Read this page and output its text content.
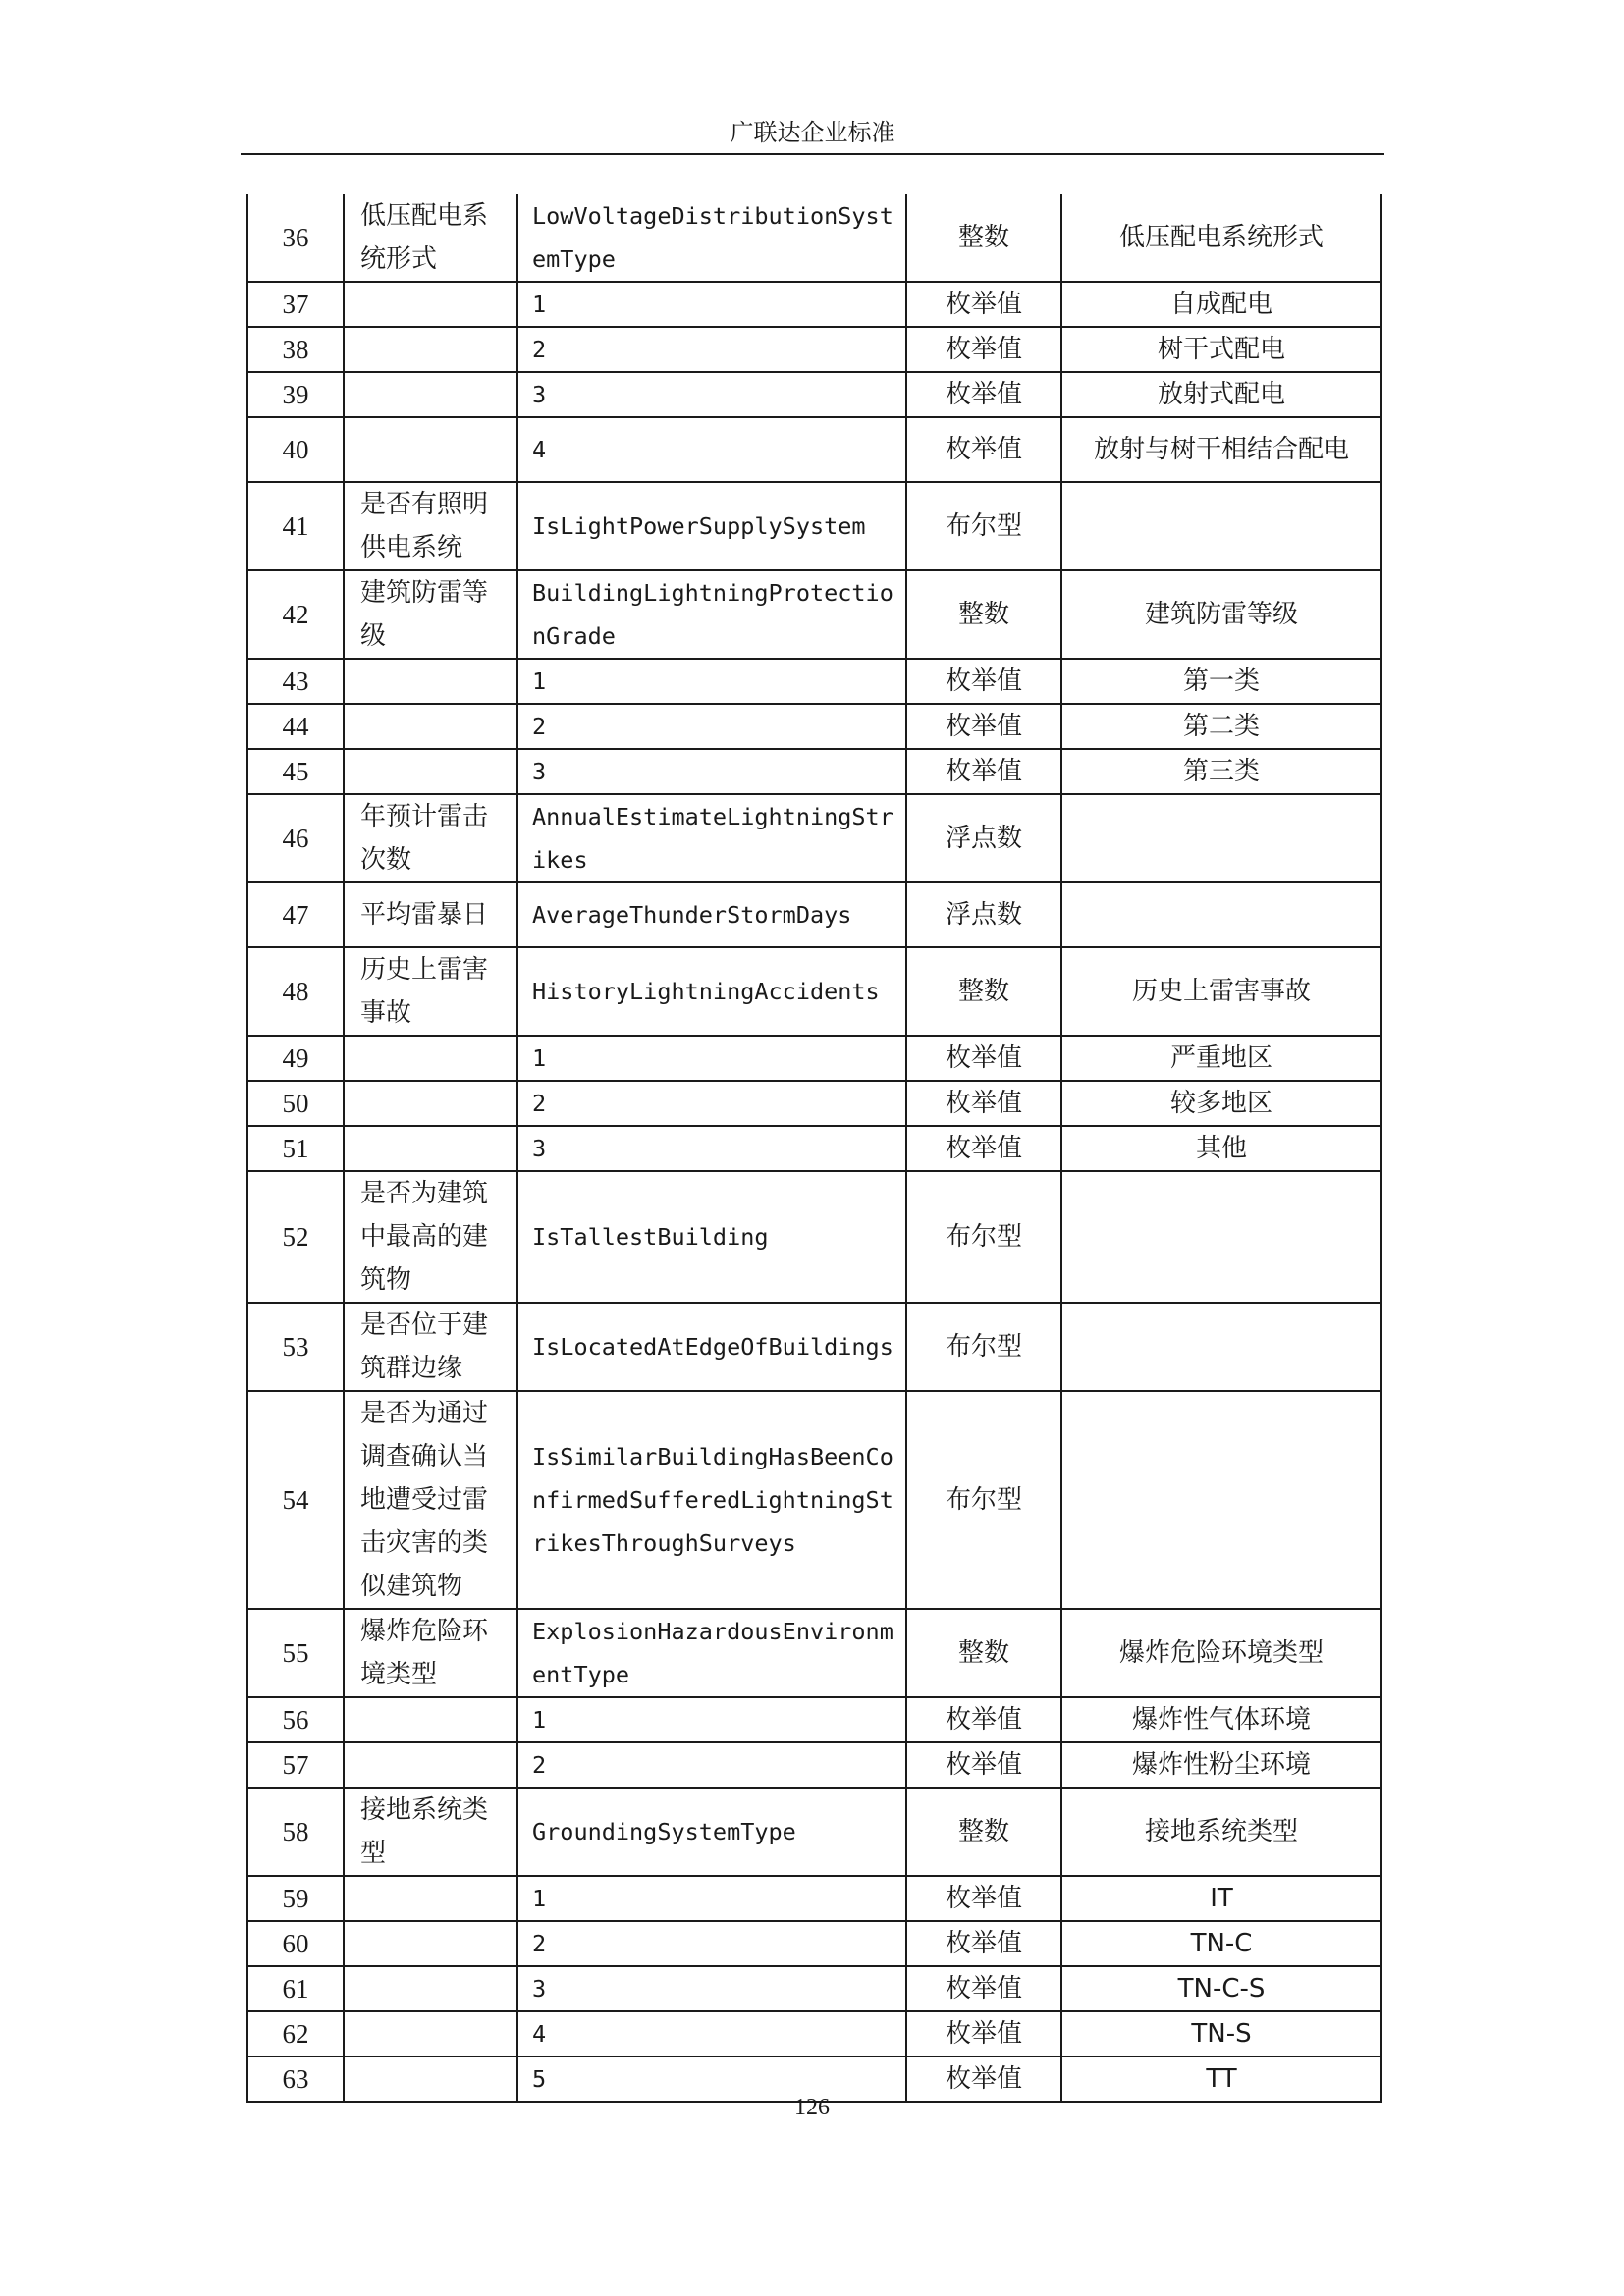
广联达企业标准
36	低压配电系统形式	LowVoltageDistributionSystemType	整数	低压配电系统形式
37		1	枚举值	自成配电
38		2	枚举值	树干式配电
39		3	枚举值	放射式配电
40		4	枚举值	放射与树干相结合配电
41	是否有照明供电系统	IsLightPowerSupplySystem	布尔型	
42	建筑防雷等级	BuildingLightningProtectionGrade	整数	建筑防雷等级
43		1	枚举值	第一类
44		2	枚举值	第二类
45		3	枚举值	第三类
46	年预计雷击次数	AnnualEstimateLightningStrikes	浮点数	
47	平均雷暴日	AverageThunderStormDays	浮点数	
48	历史上雷害事故	HistoryLightningAccidents	整数	历史上雷害事故
49		1	枚举值	严重地区
50		2	枚举值	较多地区
51		3	枚举值	其他
52	是否为建筑中最高的建筑物	IsTallestBuilding	布尔型	
53	是否位于建筑群边缘	IsLocatedAtEdgeOfBuildings	布尔型	
54	是否为通过调查确认当地遭受过雷击灾害的类似建筑物	IsSimilarBuildingHasBeenConfirmedSufferedLightningStrikesThroughSurveys	布尔型	
55	爆炸危险环境类型	ExplosionHazardousEnvironmentType	整数	爆炸危险环境类型
56		1	枚举值	爆炸性气体环境
57		2	枚举值	爆炸性粉尘环境
58	接地系统类型	GroundingSystemType	整数	接地系统类型
59		1	枚举值	IT
60		2	枚举值	TN-C
61		3	枚举值	TN-C-S
62		4	枚举值	TN-S
63		5	枚举值	TT
126
